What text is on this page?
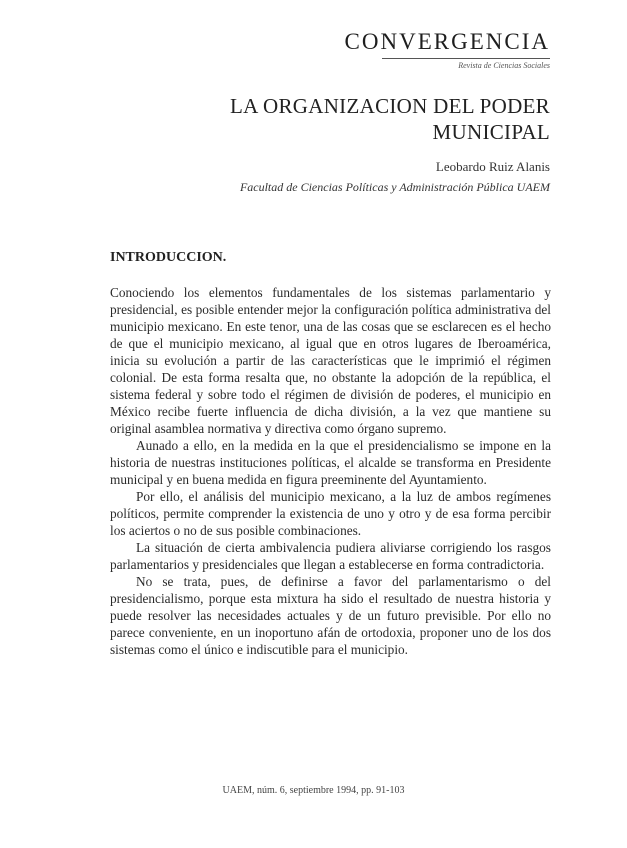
CONVERGENCIA
Revista de Ciencias Sociales
LA ORGANIZACION DEL PODER MUNICIPAL
Leobardo Ruiz Alanis
Facultad de Ciencias Políticas y Administración Pública UAEM
INTRODUCCION.

Conociendo los elementos fundamentales de los sistemas parlamentario y presidencial, es posible entender mejor la configuración política administrativa del municipio mexicano. En este tenor, una de las cosas que se esclarecen es el hecho de que el municipio mexicano, al igual que en otros lugares de Iberoamérica, inicia su evolución a partir de las características que le imprimió el régimen colonial. De esta forma resalta que, no obstante la adopción de la república, el sistema federal y sobre todo el régimen de división de poderes, el municipio en México recibe fuerte influencia de dicha división, a la vez que mantiene su original asamblea normativa y directiva como órgano supremo.

Aunado a ello, en la medida en la que el presidencialismo se impone en la historia de nuestras instituciones políticas, el alcalde se transforma en Presidente municipal y en buena medida en figura preeminente del Ayuntamiento.

Por ello, el análisis del municipio mexicano, a la luz de ambos regímenes políticos, permite comprender la existencia de uno y otro y de esa forma percibir los aciertos o no de sus posible combinaciones.

La situación de cierta ambivalencia pudiera aliviarse corrigiendo los rasgos parlamentarios y presidenciales que llegan a establecerse en forma contradictoria.

No se trata, pues, de definirse a favor del parlamentarismo o del presidencialismo, porque esta mixtura ha sido el resultado de nuestra historia y puede resolver las necesidades actuales y de un futuro previsible. Por ello no parece conveniente, en un inoportuno afán de ortodoxia, proponer uno de los dos sistemas como el único e indiscutible para el municipio.

UAEM, núm. 6, septiembre 1994, pp. 91-103
